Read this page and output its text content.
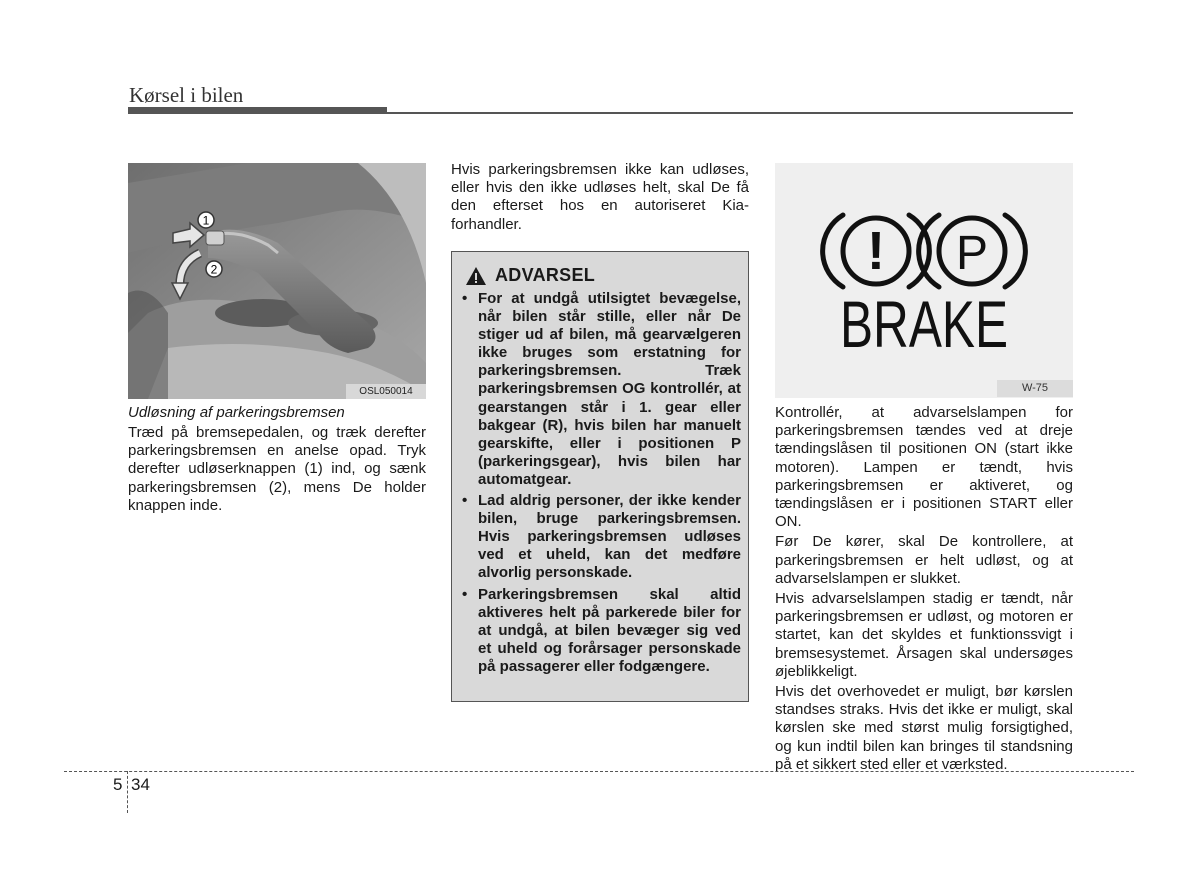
Kørsel i bilen
1
2
OSL050014
Udløsning af parkeringsbremsen

Træd på bremsepedalen, og træk derefter parkeringsbremsen en anelse opad. Tryk derefter udløserknappen (1) ind, og sænk parkeringsbremsen (2), mens De holder knappen inde.

Hvis parkeringsbremsen ikke kan udløses, eller hvis den ikke udløses helt, skal De få den efterset hos en autoriseret Kia-forhandler.

ADVARSEL
• For at undgå utilsigtet bevægelse, når bilen står stille, eller når De stiger ud af bilen, må gearvælgeren ikke bruges som erstatning for parkeringsbremsen. Træk parkeringsbremsen OG kontrollér, at gearstangen står i 1. gear eller bakgear (R), hvis bilen har manuelt gearskifte, eller i positionen P (parkeringsgear), hvis bilen har automatgear.
• Lad aldrig personer, der ikke kender bilen, bruge parkeringsbremsen. Hvis parkeringsbremsen udløses ved et uheld, kan det medføre alvorlig personskade.
• Parkeringsbremsen skal altid aktiveres helt på parkerede biler for at undgå, at bilen bevæger sig ved et uheld og forårsager personskade på passagerer eller fodgængere.
! P
BRAKE
W-75

Kontrollér, at advarselslampen for parkeringsbremsen tændes ved at dreje tændingslåsen til positionen ON (start ikke motoren). Lampen er tændt, hvis parkeringsbremsen er aktiveret, og tændingslåsen er i positionen START eller ON.

Før De kører, skal De kontrollere, at parkeringsbremsen er helt udløst, og at advarselslampen er slukket.

Hvis advarselslampen stadig er tændt, når parkeringsbremsen er udløst, og motoren er startet, kan det skyldes et funktionssvigt i bremsesystemet. Årsagen skal undersøges øjeblikkeligt.

Hvis det overhovedet er muligt, bør kørslen standses straks. Hvis det ikke er muligt, skal kørslen ske med størst mulig forsigtighed, og kun indtil bilen kan bringes til standsning på et sikkert sted eller et værksted.

5 34
